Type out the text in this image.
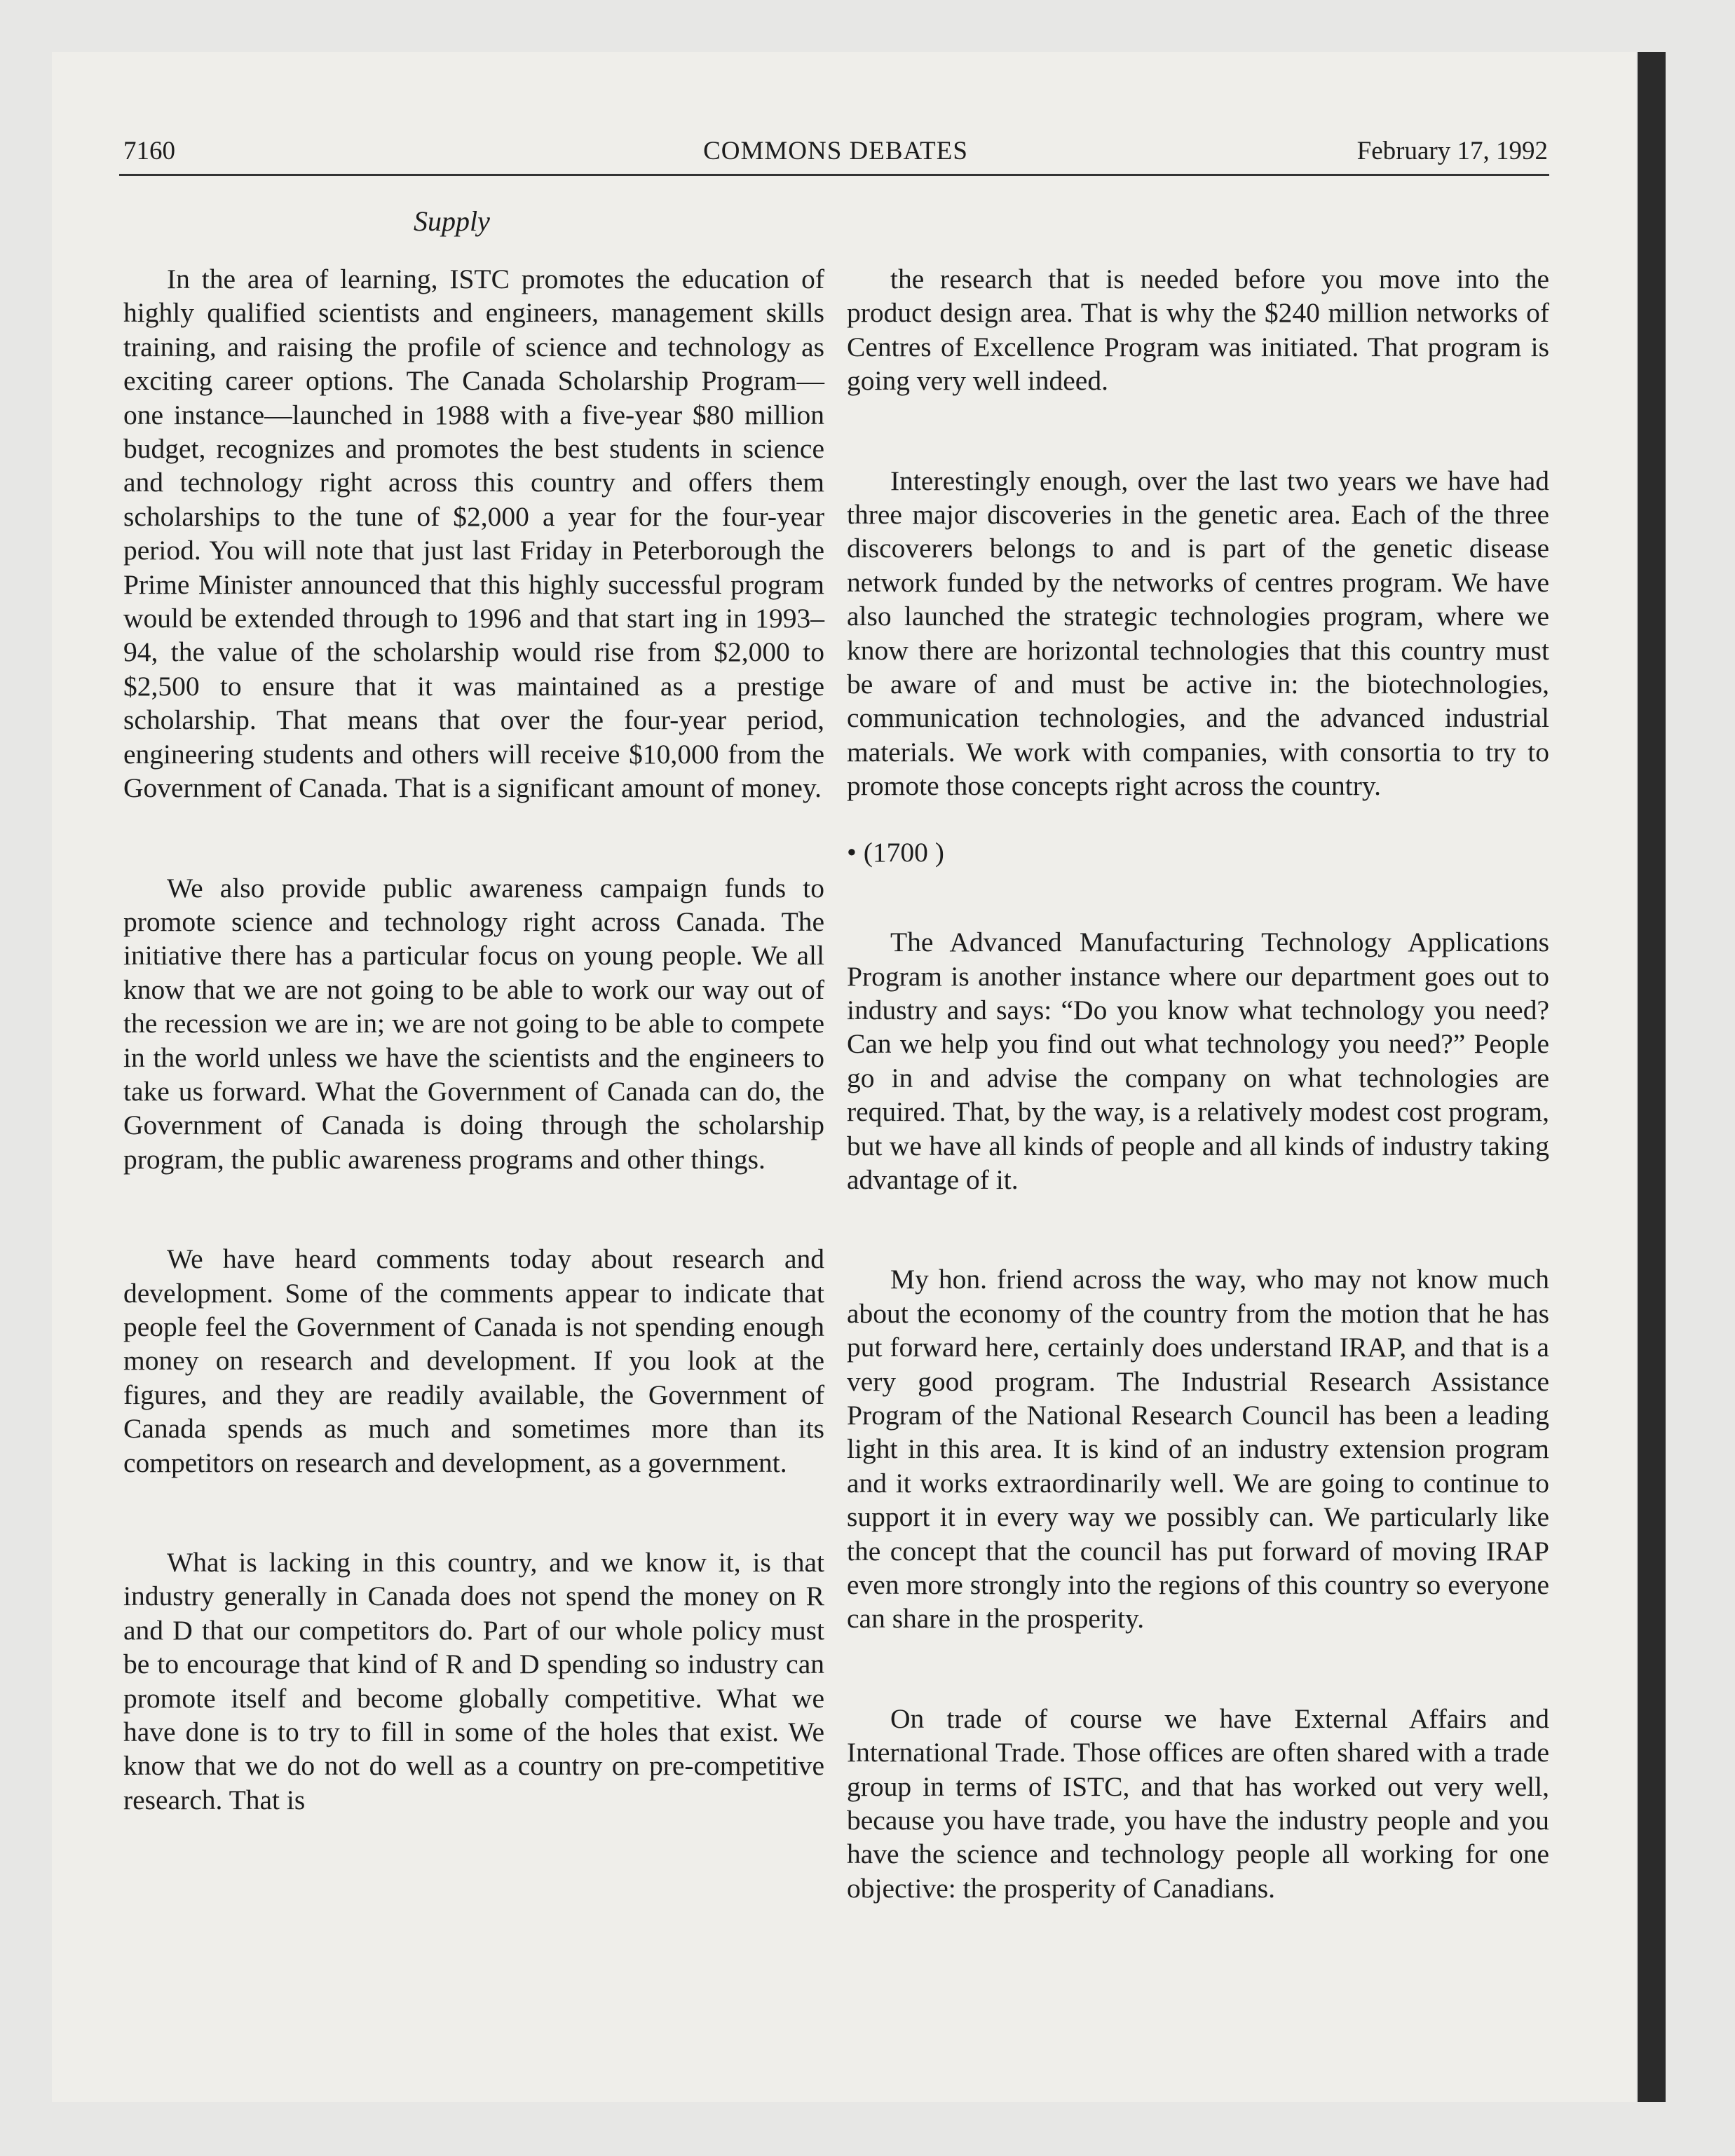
7160	COMMONS DEBATES	February 17, 1992
Supply

In the area of learning, ISTC promotes the education of highly qualified scientists and engineers, management skills training, and raising the profile of science and technology as exciting career options. The Canada Scholarship Program—one instance—launched in 1988 with a five-year $80 million budget, recognizes and promotes the best students in science and technology right across this country and offers them scholarships to the tune of $2,000 a year for the four-year period. You will note that just last Friday in Peterborough the Prime Minister announced that this highly successful program would be extended through to 1996 and that start ing in 1993–94, the value of the scholarship would rise from $2,000 to $2,500 to ensure that it was maintained as a prestige scholarship. That means that over the four-year period, engineering students and others will receive $10,000 from the Government of Canada. That is a significant amount of money.

We also provide public awareness campaign funds to promote science and technology right across Canada. The initiative there has a particular focus on young people. We all know that we are not going to be able to work our way out of the recession we are in; we are not going to be able to compete in the world unless we have the scientists and the engineers to take us forward. What the Government of Canada can do, the Government of Canada is doing through the scholarship program, the public awareness programs and other things.

We have heard comments today about research and development. Some of the comments appear to indicate that people feel the Government of Canada is not spending enough money on research and development. If you look at the figures, and they are readily available, the Government of Canada spends as much and sometimes more than its competitors on research and development, as a government.

What is lacking in this country, and we know it, is that industry generally in Canada does not spend the money on R and D that our competitors do. Part of our whole policy must be to encourage that kind of R and D spending so industry can promote itself and become globally competitive. What we have done is to try to fill in some of the holes that exist. We know that we do not do well as a country on pre-competitive research. That is

the research that is needed before you move into the product design area. That is why the $240 million networks of Centres of Excellence Program was initiated. That program is going very well indeed.

Interestingly enough, over the last two years we have had three major discoveries in the genetic area. Each of the three discoverers belongs to and is part of the genetic disease network funded by the networks of centres program. We have also launched the strategic technologies program, where we know there are horizontal technologies that this country must be aware of and must be active in: the biotechnologies, communication technologies, and the advanced industrial materials. We work with companies, with consortia to try to promote those concepts right across the country.

• (1700 )

The Advanced Manufacturing Technology Applications Program is another instance where our department goes out to industry and says: “Do you know what technology you need? Can we help you find out what technology you need?” People go in and advise the company on what technologies are required. That, by the way, is a relatively modest cost program, but we have all kinds of people and all kinds of industry taking advantage of it.

My hon. friend across the way, who may not know much about the economy of the country from the motion that he has put forward here, certainly does understand IRAP, and that is a very good program. The Industrial Research Assistance Program of the National Research Council has been a leading light in this area. It is kind of an industry extension program and it works extraordinarily well. We are going to continue to support it in every way we possibly can. We particularly like the concept that the council has put forward of moving IRAP even more strongly into the regions of this country so everyone can share in the prosperity.

On trade of course we have External Affairs and International Trade. Those offices are often shared with a trade group in terms of ISTC, and that has worked out very well, because you have trade, you have the industry people and you have the science and technology people all working for one objective: the prosperity of Canadians.
